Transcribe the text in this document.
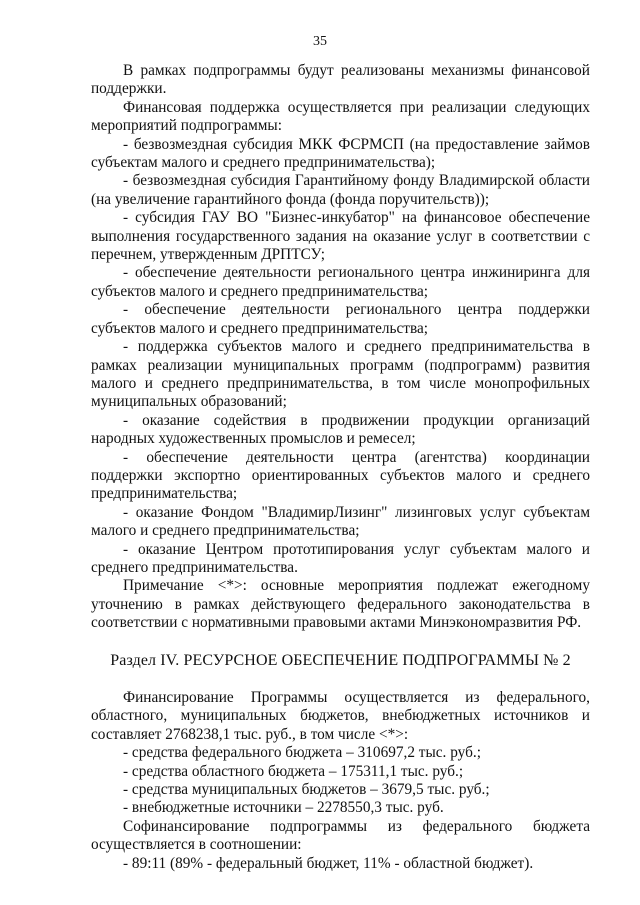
35

В рамках подпрограммы будут реализованы механизмы финансовой поддержки.

Финансовая поддержка осуществляется при реализации следующих мероприятий подпрограммы:

- безвозмездная субсидия МКК ФСРМСП (на предоставление займов субъектам малого и среднего предпринимательства);

- безвозмездная субсидия Гарантийному фонду Владимирской области (на увеличение гарантийного фонда (фонда поручительств));

- субсидия ГАУ ВО "Бизнес-инкубатор" на финансовое обеспечение выполнения государственного задания на оказание услуг в соответствии с перечнем, утвержденным ДРПТСУ;

- обеспечение деятельности регионального центра инжиниринга для субъектов малого и среднего предпринимательства;

- обеспечение деятельности регионального центра поддержки субъектов малого и среднего предпринимательства;

- поддержка субъектов малого и среднего предпринимательства в рамках реализации муниципальных программ (подпрограмм) развития малого и среднего предпринимательства, в том числе монопрофильных муниципальных образований;

- оказание содействия в продвижении продукции организаций народных художественных промыслов и ремесел;

- обеспечение деятельности центра (агентства) координации поддержки экспортно ориентированных субъектов малого и среднего предпринимательства;

- оказание Фондом "ВладимирЛизинг" лизинговых услуг субъектам малого и среднего предпринимательства;

- оказание Центром прототипирования услуг субъектам малого и среднего предпринимательства.

Примечание <*>: основные мероприятия подлежат ежегодному уточнению в рамках действующего федерального законодательства в соответствии с нормативными правовыми актами Минэкономразвития РФ.

Раздел IV. РЕСУРСНОЕ ОБЕСПЕЧЕНИЕ ПОДПРОГРАММЫ № 2

Финансирование Программы осуществляется из федерального, областного, муниципальных бюджетов, внебюджетных источников и составляет 2768238,1 тыс. руб., в том числе <*>:

- средства федерального бюджета – 310697,2 тыс. руб.;

- средства областного бюджета – 175311,1 тыс. руб.;

- средства муниципальных бюджетов – 3679,5 тыс. руб.;

- внебюджетные источники – 2278550,3 тыс. руб.

Софинансирование подпрограммы из федерального бюджета осуществляется в соотношении:

- 89:11 (89% - федеральный бюджет, 11% - областной бюджет).
